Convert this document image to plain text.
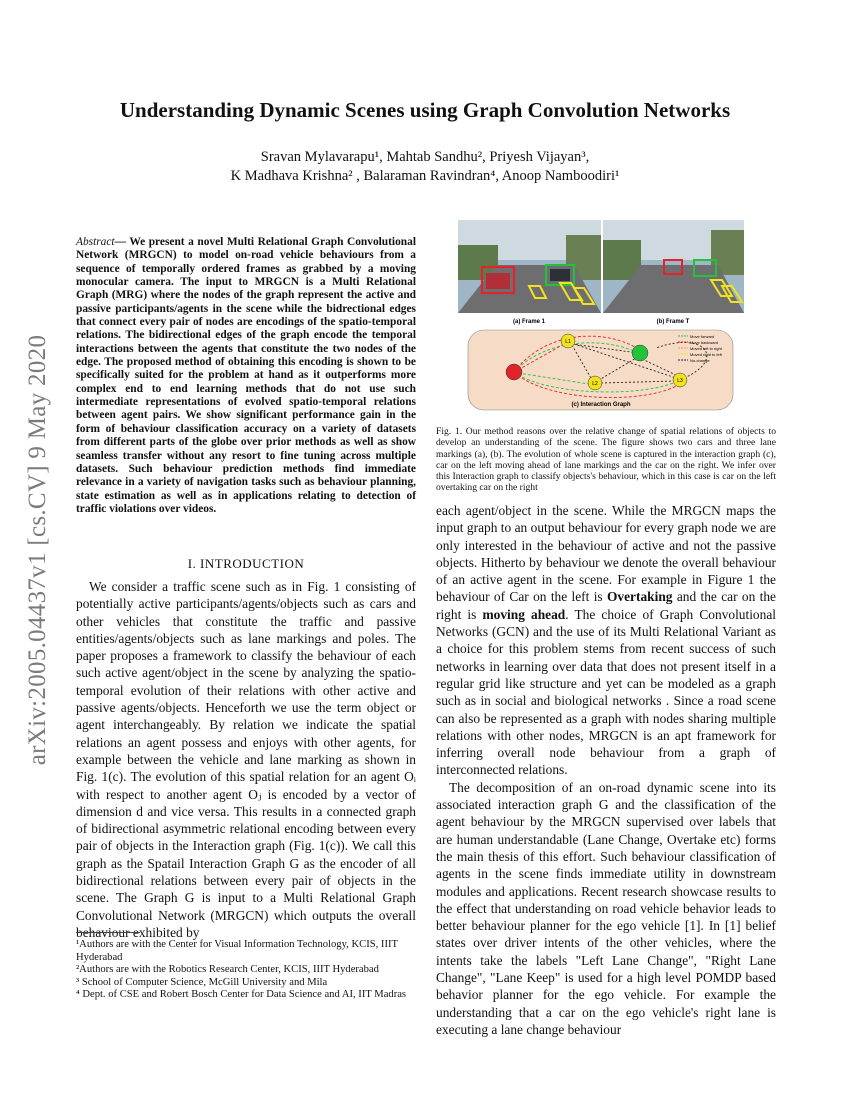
arXiv:2005.04437v1 [cs.CV] 9 May 2020
Understanding Dynamic Scenes using Graph Convolution Networks
Sravan Mylavarapu¹, Mahtab Sandhu², Priyesh Vijayan³,
K Madhava Krishna² , Balaraman Ravindran⁴, Anoop Namboodiri¹
Abstract— We present a novel Multi Relational Graph Convolutional Network (MRGCN) to model on-road vehicle behaviours from a sequence of temporally ordered frames as grabbed by a moving monocular camera. The input to MRGCN is a Multi Relational Graph (MRG) where the nodes of the graph represent the active and passive participants/agents in the scene while the bidrectional edges that connect every pair of nodes are encodings of the spatio-temporal relations. The bidirectional edges of the graph encode the temporal interactions between the agents that constitute the two nodes of the edge. The proposed method of obtaining this encoding is shown to be specifically suited for the problem at hand as it outperforms more complex end to end learning methods that do not use such intermediate representations of evolved spatio-temporal relations between agent pairs. We show significant performance gain in the form of behaviour classification accuracy on a variety of datasets from different parts of the globe over prior methods as well as show seamless transfer without any resort to fine tuning across multiple datasets. Such behaviour prediction methods find immediate relevance in a variety of navigation tasks such as behaviour planning, state estimation as well as in applications relating to detection of traffic violations over videos.
I. INTRODUCTION

We consider a traffic scene such as in Fig. 1 consisting of potentially active participants/agents/objects such as cars and other vehicles that constitute the traffic and passive entities/agents/objects such as lane markings and poles. The paper proposes a framework to classify the behaviour of each such active agent/object in the scene by analyzing the spatio-temporal evolution of their relations with other active and passive agents/objects. Henceforth we use the term object or agent interchangeably. By relation we indicate the spatial relations an agent possess and enjoys with other agents, for example between the vehicle and lane marking as shown in Fig. 1(c). The evolution of this spatial relation for an agent Oᵢ with respect to another agent Oⱼ is encoded by a vector of dimension d and vice versa. This results in a connected graph of bidirectional asymmetric relational encoding between every pair of objects in the Interaction graph (Fig. 1(c)). We call this graph as the Spatail Interaction Graph G as the encoder of all bidirectional relations between every pair of objects in the scene. The Graph G is input to a Multi Relational Graph Convolutional Network (MRGCN) which outputs the overall behaviour exhibited by

¹Authors are with the Center for Visual Information Technology, KCIS, IIIT Hyderabad
²Authors are with the Robotics Research Center, KCIS, IIIT Hyderabad
³ School of Computer Science, McGill University and Mila
⁴ Dept. of CSE and Robert Bosch Center for Data Science and AI, IIT Madras
(a) Frame 1	(b) Frame T
L1
L2	L3
Move forward
Move backward
Moved left to right
Moved right to left
No-change
(c) Interaction Graph
Fig. 1. Our method reasons over the relative change of spatial relations of objects to develop an understanding of the scene. The figure shows two cars and three lane markings (a), (b). The evolution of whole scene is captured in the interaction graph (c), car on the left moving ahead of lane markings and the car on the right. We infer over this Interaction graph to classify objects's behaviour, which in this case is car on the left overtaking car on the right

each agent/object in the scene. While the MRGCN maps the input graph to an output behaviour for every graph node we are only interested in the behaviour of active and not the passive objects. Hitherto by behaviour we denote the overall behaviour of an active agent in the scene. For example in Figure 1 the behaviour of Car on the left is Overtaking and the car on the right is moving ahead. The choice of Graph Convolutional Networks (GCN) and the use of its Multi Relational Variant as a choice for this problem stems from recent success of such networks in learning over data that does not present itself in a regular grid like structure and yet can be modeled as a graph such as in social and biological networks . Since a road scene can also be represented as a graph with nodes sharing multiple relations with other nodes, MRGCN is an apt framework for inferring overall node behaviour from a graph of interconnected relations.

The decomposition of an on-road dynamic scene into its associated interaction graph G and the classification of the agent behaviour by the MRGCN supervised over labels that are human understandable (Lane Change, Overtake etc) forms the main thesis of this effort. Such behaviour classification of agents in the scene finds immediate utility in downstream modules and applications. Recent research showcase results to the effect that understanding on road vehicle behavior leads to better behaviour planner for the ego vehicle [1]. In [1] belief states over driver intents of the other vehicles, where the intents take the labels "Left Lane Change", "Right Lane Change", "Lane Keep" is used for a high level POMDP based behavior planner for the ego vehicle. For example the understanding that a car on the ego vehicle's right lane is executing a lane change behaviour
